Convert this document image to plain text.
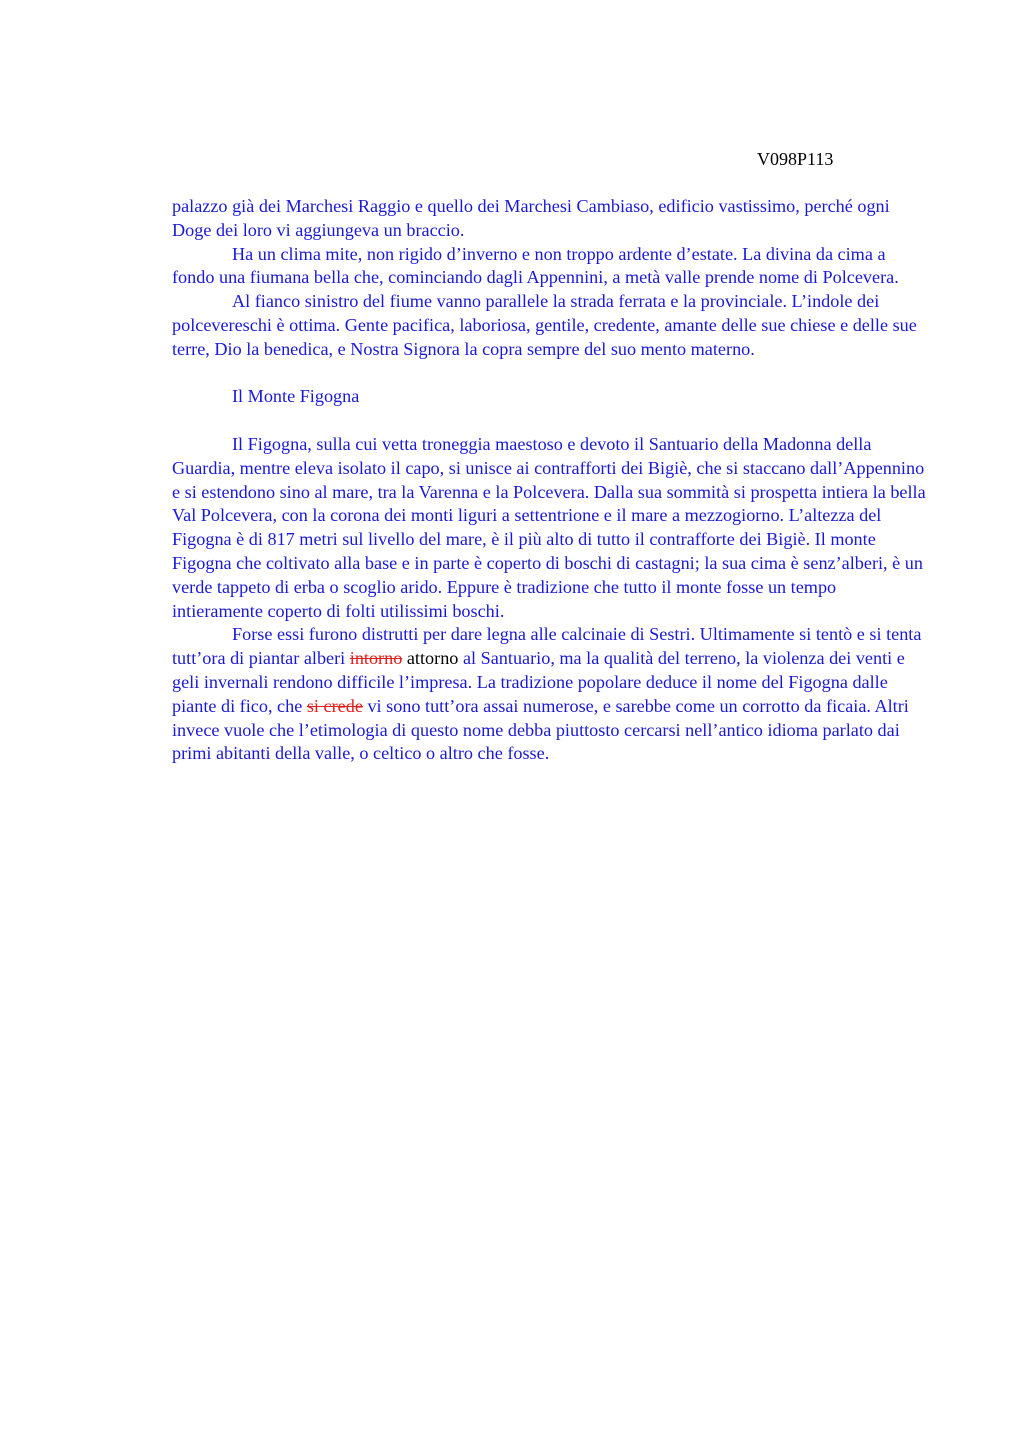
V098P113

palazzo già dei Marchesi Raggio e quello dei Marchesi Cambiaso, edificio vastissimo, perché ogni Doge dei loro vi aggiungeva un braccio.

Ha un clima mite, non rigido d’inverno e non troppo ardente d’estate. La divina da cima a fondo una fiumana bella che, cominciando dagli Appennini, a metà valle prende nome di Polcevera.

Al fianco sinistro del fiume vanno parallele la strada ferrata e la provinciale. L’indole dei polcevereschi è ottima. Gente pacifica, laboriosa, gentile, credente, amante delle sue chiese e delle sue terre, Dio la benedica, e Nostra Signora la copra sempre del suo mento materno.

Il Monte Figogna

Il Figogna, sulla cui vetta troneggia maestoso e devoto il Santuario della Madonna della Guardia, mentre eleva isolato il capo, si unisce ai contrafforti dei Bigiè, che si staccano dall’Appennino e si estendono sino al mare, tra la Varenna e la Polcevera. Dalla sua sommità si prospetta intiera la bella Val Polcevera, con la corona dei monti liguri a settentrione e il mare a mezzogiorno. L’altezza del Figogna è di 817 metri sul livello del mare, è il più alto di tutto il contrafforte dei Bigiè. Il monte Figogna che coltivato alla base e in parte è coperto di boschi di castagni; la sua cima è senz’alberi, è un verde tappeto di erba o scoglio arido. Eppure è tradizione che tutto il monte fosse un tempo intieramente coperto di folti utilissimi boschi.

Forse essi furono distrutti per dare legna alle calcinaie di Sestri. Ultimamente si tentò e si tenta tutt’ora di piantar alberi intorno attorno al Santuario, ma la qualità del terreno, la violenza dei venti e geli invernali rendono difficile l’impresa. La tradizione popolare deduce il nome del Figogna dalle piante di fico, che si crede vi sono tutt’ora assai numerose, e sarebbe come un corrotto da ficaia. Altri invece vuole che l’etimologia di questo nome debba piuttosto cercarsi nell’antico idioma parlato dai primi abitanti della valle, o celtico o altro che fosse.
